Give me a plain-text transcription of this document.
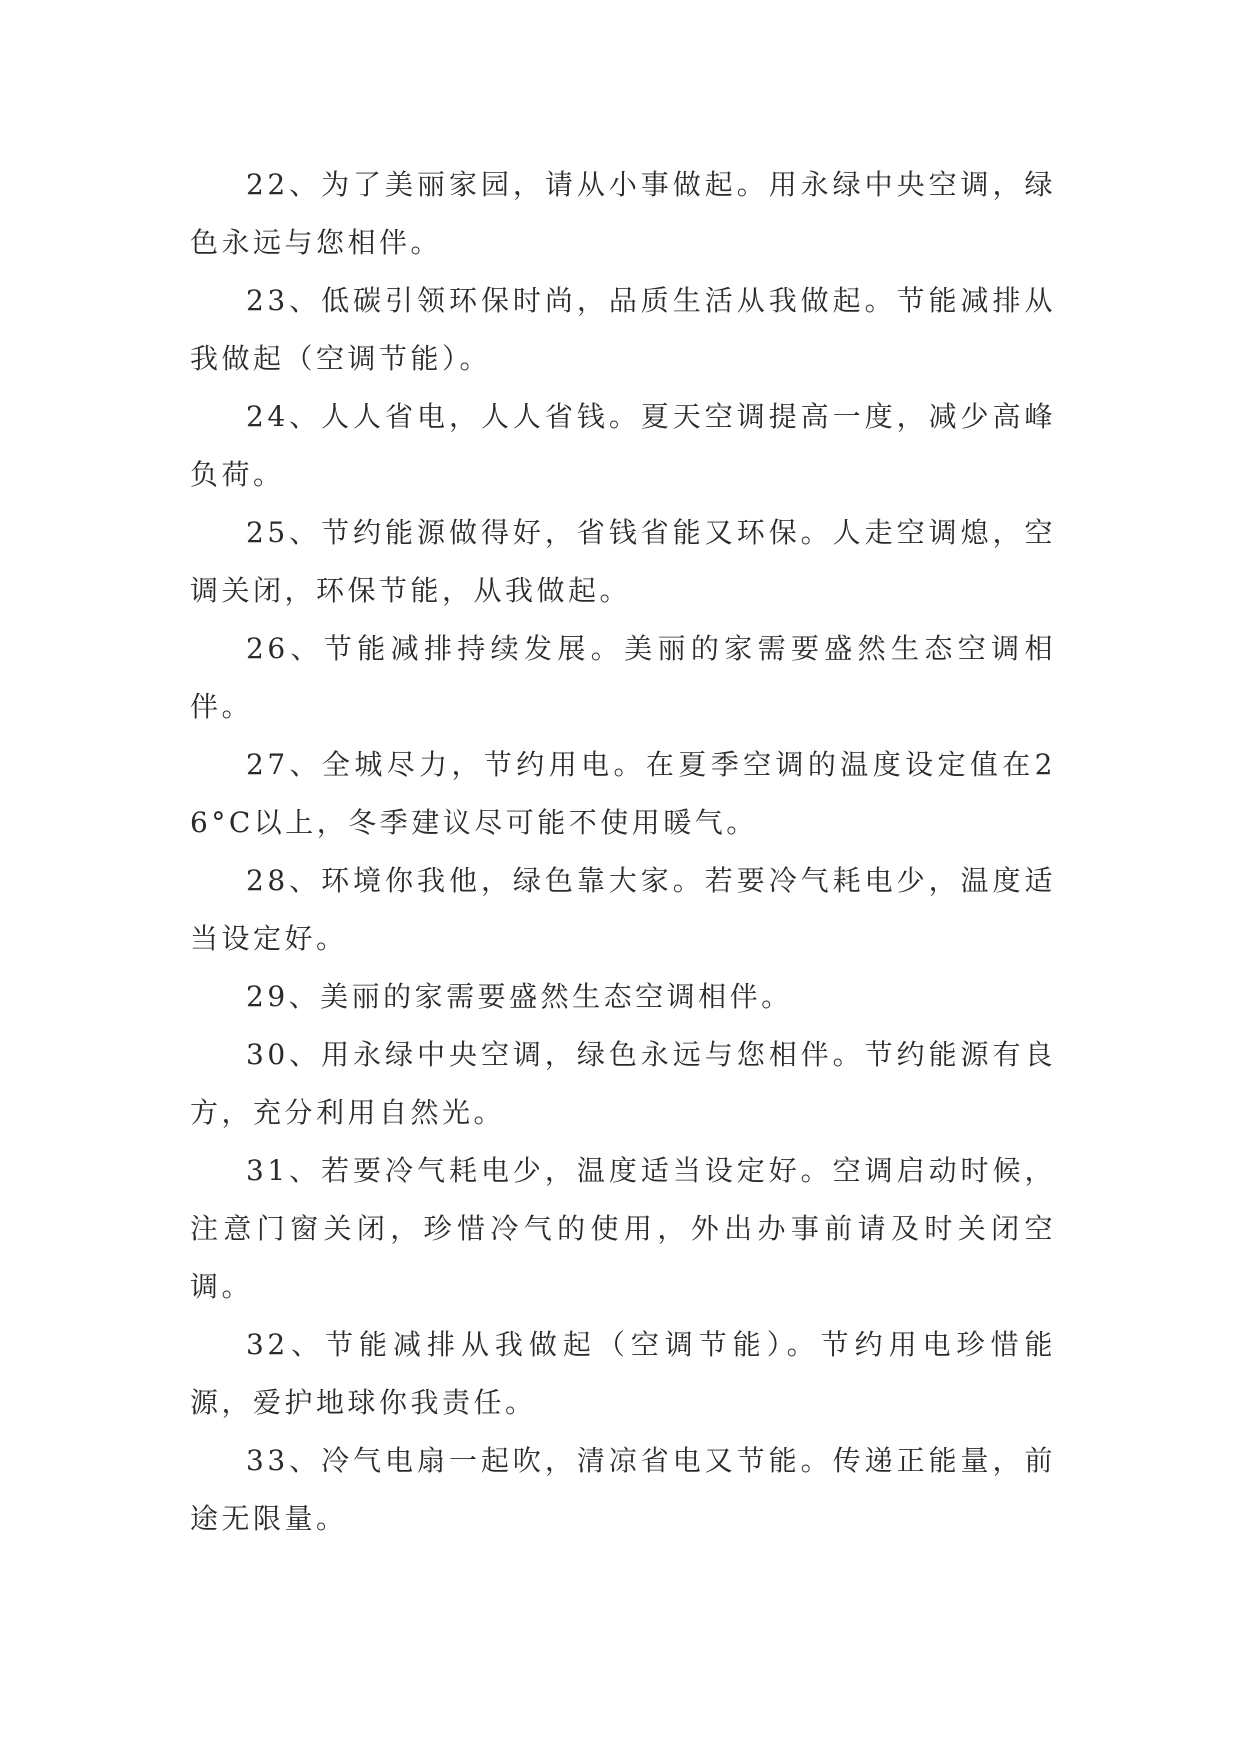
22、为了美丽家园，请从小事做起。用永绿中央空调，绿色永远与您相伴。

23、低碳引领环保时尚，品质生活从我做起。节能减排从我做起（空调节能）。

24、人人省电，人人省钱。夏天空调提高一度，减少高峰负荷。

25、节约能源做得好，省钱省能又环保。人走空调熄，空调关闭，环保节能，从我做起。

26、节能减排持续发展。美丽的家需要盛然生态空调相伴。

27、全城尽力，节约用电。在夏季空调的温度设定值在26°C以上，冬季建议尽可能不使用暖气。

28、环境你我他，绿色靠大家。若要冷气耗电少，温度适当设定好。

29、美丽的家需要盛然生态空调相伴。

30、用永绿中央空调，绿色永远与您相伴。节约能源有良方，充分利用自然光。

31、若要冷气耗电少，温度适当设定好。空调启动时候，注意门窗关闭，珍惜冷气的使用，外出办事前请及时关闭空调。

32、节能减排从我做起（空调节能）。节约用电珍惜能源，爱护地球你我责任。

33、冷气电扇一起吹，清凉省电又节能。传递正能量，前途无限量。
